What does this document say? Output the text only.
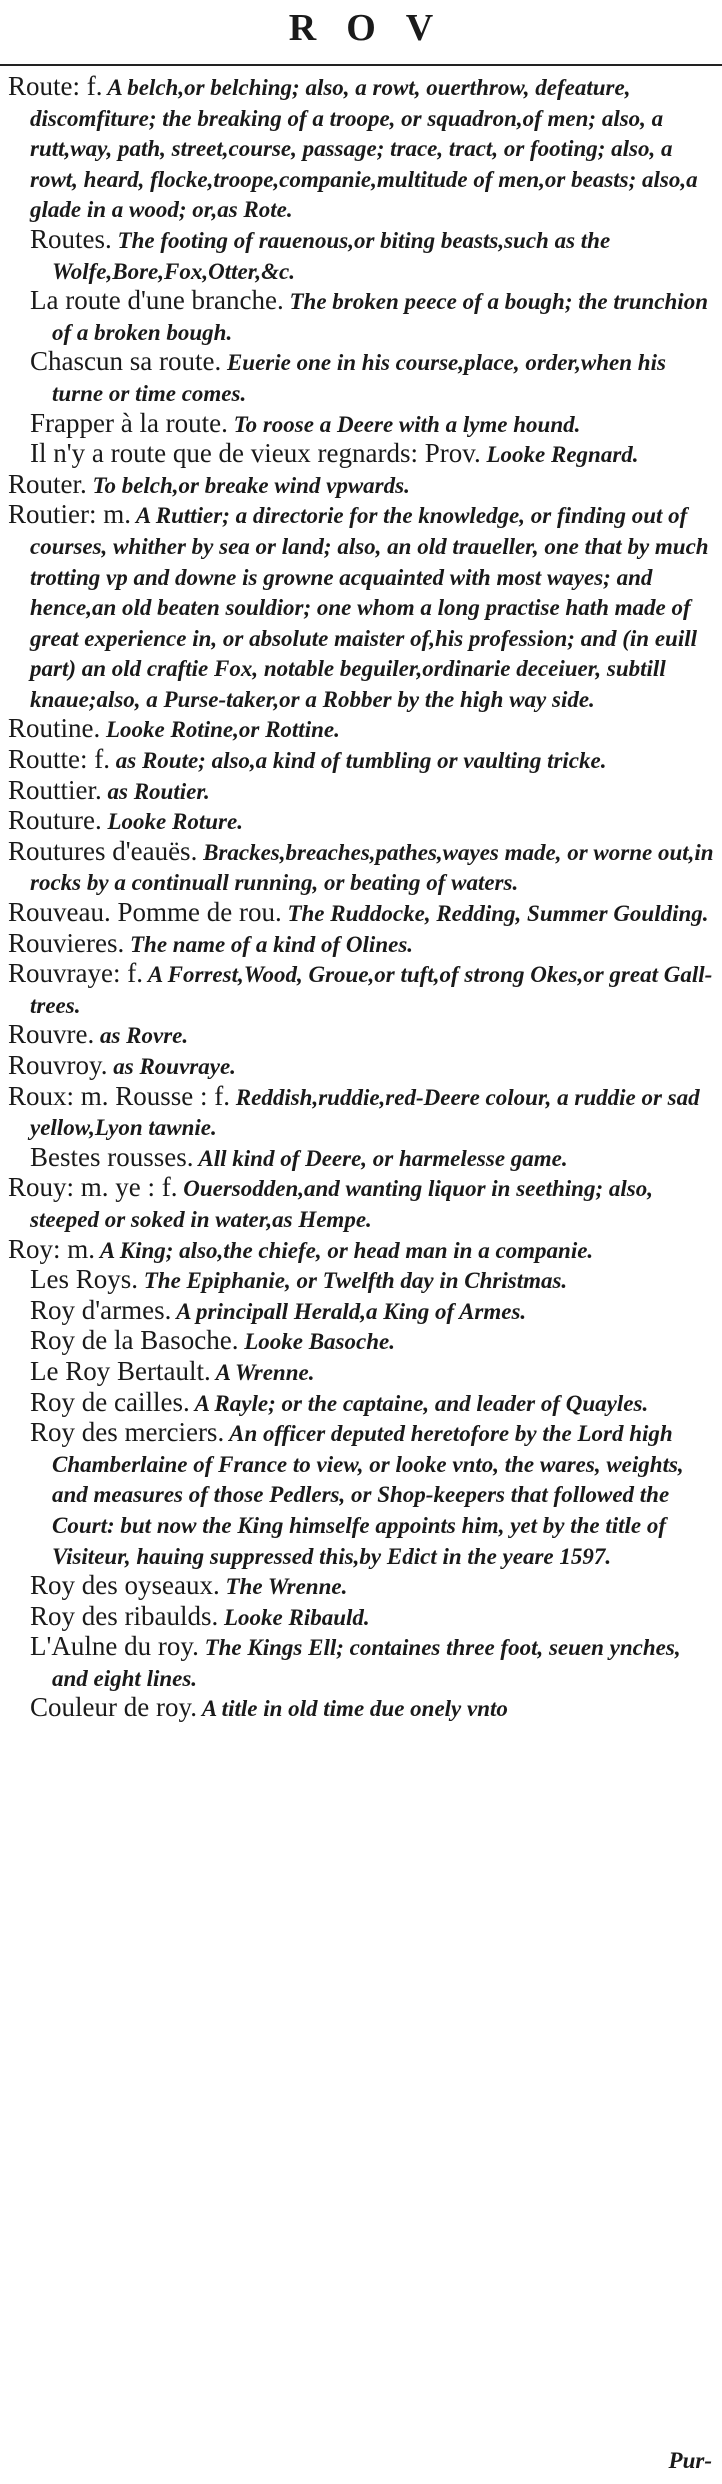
ROV

Route: f. A belch,or belching; also, a rowt, ouerthrow, defeature, discomfiture; the breaking of a troope, or squadron,of men; also, a rutt,way, path, street,course, passage; trace, tract, or footing; also, a rowt, heard, flocke,troope,companie,multitude of men,or beasts; also,a glade in a wood; or,as Rote.

Routes. The footing of rauenous,or biting beasts,such as the Wolfe,Bore,Fox,Otter,&c.

La route d'une branche. The broken peece of a bough; the trunchion of a broken bough.

Chascun sa route. Euerie one in his course,place, order,when his turne or time comes.

Frapper à la route. To roose a Deere with a lyme hound.

Il n'y a route que de vieux regnards: Prov. Looke Regnard.

Router. To belch,or breake wind vpwards.

Routier: m. A Ruttier; a directorie for the knowledge, or finding out of courses, whither by sea or land; also, an old traueller, one that by much trotting vp and downe is growne acquainted with most wayes; and hence,an old beaten souldior; one whom a long practise hath made of great experience in, or absolute maister of,his profession; and (in euill part) an old craftie Fox, notable beguiler,ordinarie deceiuer, subtill knaue;also, a Purse-taker,or a Robber by the high way side.

Routine. Looke Rotine,or Rottine.

Routte: f. as Route; also,a kind of tumbling or vaulting tricke.

Routtier. as Routier.

Routure. Looke Roture.

Routures d'eauës. Brackes,breaches,pathes,wayes made, or worne out,in rocks by a continuall running, or beating of waters.

Rouveau. Pomme de rou. The Ruddocke, Redding, Summer Goulding.

Rouvieres. The name of a kind of Olines.

Rouvraye: f. A Forrest,Wood, Groue,or tuft,of strong Okes,or great Gall-trees.

Rouvre. as Rovre.

Rouvroy. as Rouvraye.

Roux: m. Rousse : f. Reddish,ruddie,red-Deere colour, a ruddie or sad yellow,Lyon tawnie.

Bestes rousses. All kind of Deere, or harmelesse game.

Rouy: m. ye : f. Ouersodden,and wanting liquor in seething; also, steeped or soked in water,as Hempe.

Roy: m. A King; also,the chiefe, or head man in a companie.

Les Roys. The Epiphanie, or Twelfth day in Christmas.

Roy d'armes. A principall Herald,a King of Armes.

Roy de la Basoche. Looke Basoche.

Le Roy Bertault. A Wrenne.

Roy de cailles. A Rayle; or the captaine, and leader of Quayles.

Roy des merciers. An officer deputed heretofore by the Lord high Chamberlaine of France to view, or looke vnto, the wares, weights, and measures of those Pedlers, or Shop-keepers that followed the Court: but now the King himselfe appoints him, yet by the title of Visiteur, hauing suppressed this,by Edict in the yeare 1597.

Roy des oyseaux. The Wrenne.

Roy des ribaulds. Looke Ribauld.

L'Aulne du roy. The Kings Ell; containes three foot, seuen ynches, and eight lines.

Couleur de roy. A title in old time due onely vnto

Pur-
